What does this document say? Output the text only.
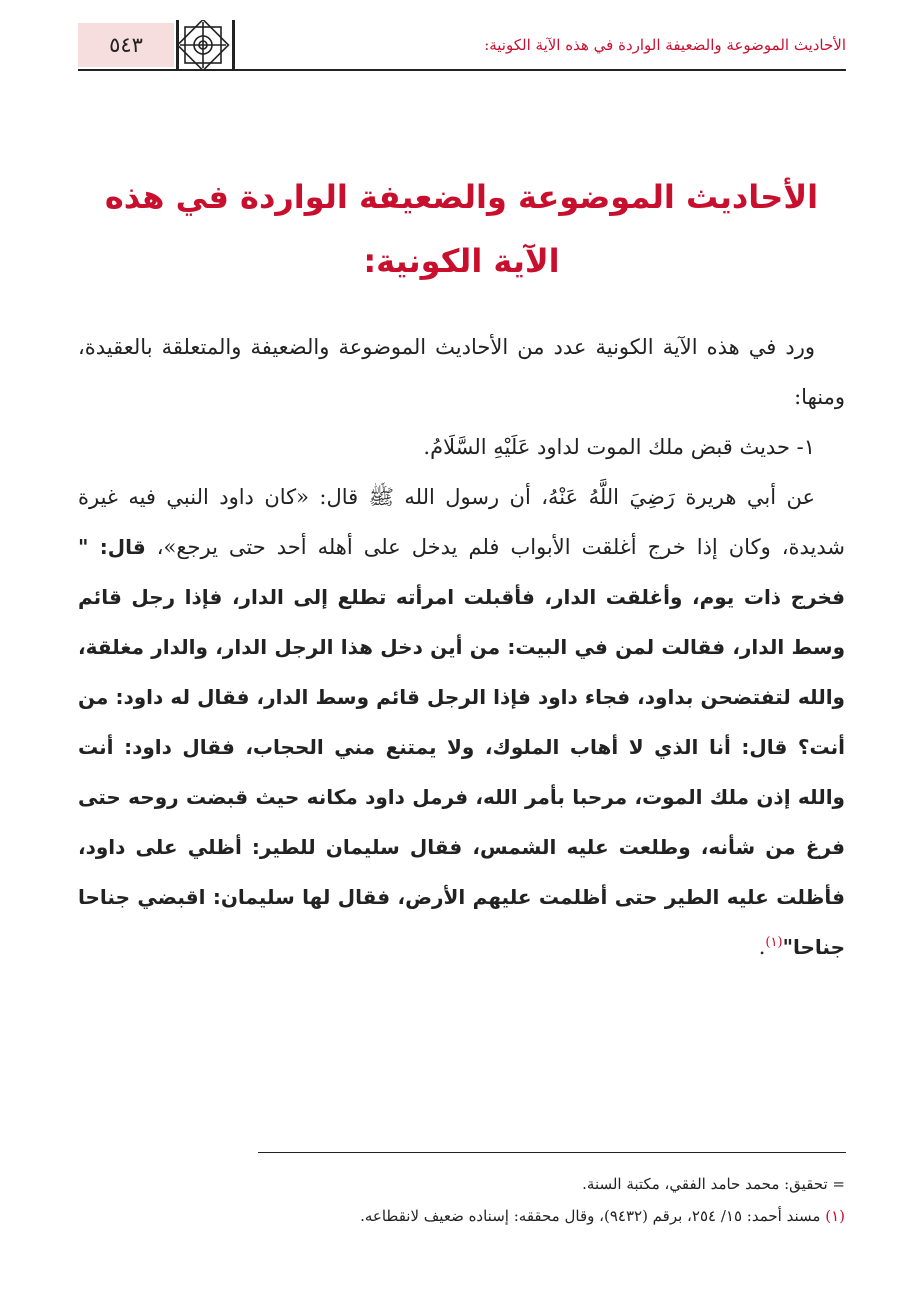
٥٤٣	الأحاديث الموضوعة والضعيفة الواردة في هذه الآية الكونية:
الأحاديث الموضوعة والضعيفة الواردة في هذه الآية الكونية:

ورد في هذه الآية الكونية عدد من الأحاديث الموضوعة والضعيفة والمتعلقة بالعقيدة، ومنها:

١- حديث قبض ملك الموت لداود عَلَيْهِ السَّلَامُ.

عن أبي هريرة رَضِيَ اللَّهُ عَنْهُ، أن رسول الله ﷺ قال: «كان داود النبي فيه غيرة شديدة، وكان إذا خرج أغلقت الأبواب فلم يدخل على أهله أحد حتى يرجع»، قال: " فخرج ذات يوم، وأغلقت الدار، فأقبلت امرأته تطلع إلى الدار، فإذا رجل قائم وسط الدار، فقالت لمن في البيت: من أين دخل هذا الرجل الدار، والدار مغلقة، والله لتفتضحن بداود، فجاء داود فإذا الرجل قائم وسط الدار، فقال له داود: من أنت؟ قال: أنا الذي لا أهاب الملوك، ولا يمتنع مني الحجاب، فقال داود: أنت والله إذن ملك الموت، مرحبا بأمر الله، فرمل داود مكانه حيث قبضت روحه حتى فرغ من شأنه، وطلعت عليه الشمس، فقال سليمان للطير: أظلي على داود، فأظلت عليه الطير حتى أظلمت عليهم الأرض، فقال لها سليمان: اقبضي جناحا جناحا"$^{(١)}$.

= تحقيق: محمد حامد الفقي، مكتبة السنة.

(١) مسند أحمد: ١٥/ ٢٥٤، برقم (٩٤٣٢)، وقال محققه: إسناده ضعيف لانقطاعه.
